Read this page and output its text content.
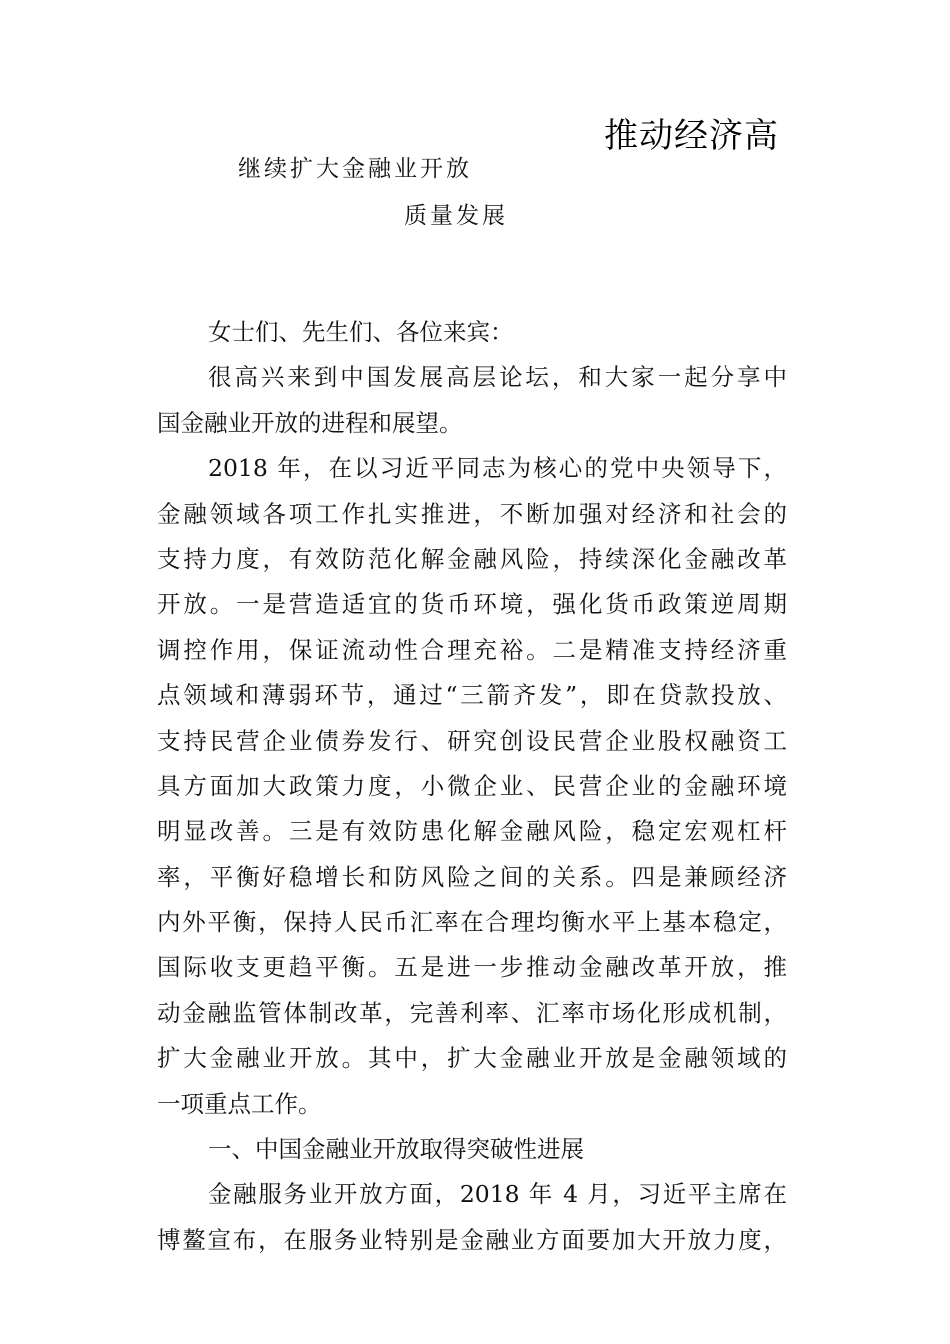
推动经济高
继续扩大金融业开放
质量发展
女士们、先生们、各位来宾：
很高兴来到中国发展高层论坛，和大家一起分享中
国金融业开放的进程和展望。
2018 年，在以习近平同志为核心的党中央领导下，
金融领域各项工作扎实推进，不断加强对经济和社会的
支持力度，有效防范化解金融风险，持续深化金融改革
开放。一是营造适宜的货币环境，强化货币政策逆周期
调控作用，保证流动性合理充裕。二是精准支持经济重
点领域和薄弱环节，通过“三箭齐发”，即在贷款投放、
支持民营企业债券发行、研究创设民营企业股权融资工
具方面加大政策力度，小微企业、民营企业的金融环境
明显改善。三是有效防患化解金融风险，稳定宏观杠杆
率，平衡好稳增长和防风险之间的关系。四是兼顾经济
内外平衡，保持人民币汇率在合理均衡水平上基本稳定，
国际收支更趋平衡。五是进一步推动金融改革开放，推
动金融监管体制改革，完善利率、汇率市场化形成机制，
扩大金融业开放。其中，扩大金融业开放是金融领域的
一项重点工作。
一、中国金融业开放取得突破性进展
金融服务业开放方面，2018 年 4 月，习近平主席在
博鳌宣布，在服务业特别是金融业方面要加大开放力度，
